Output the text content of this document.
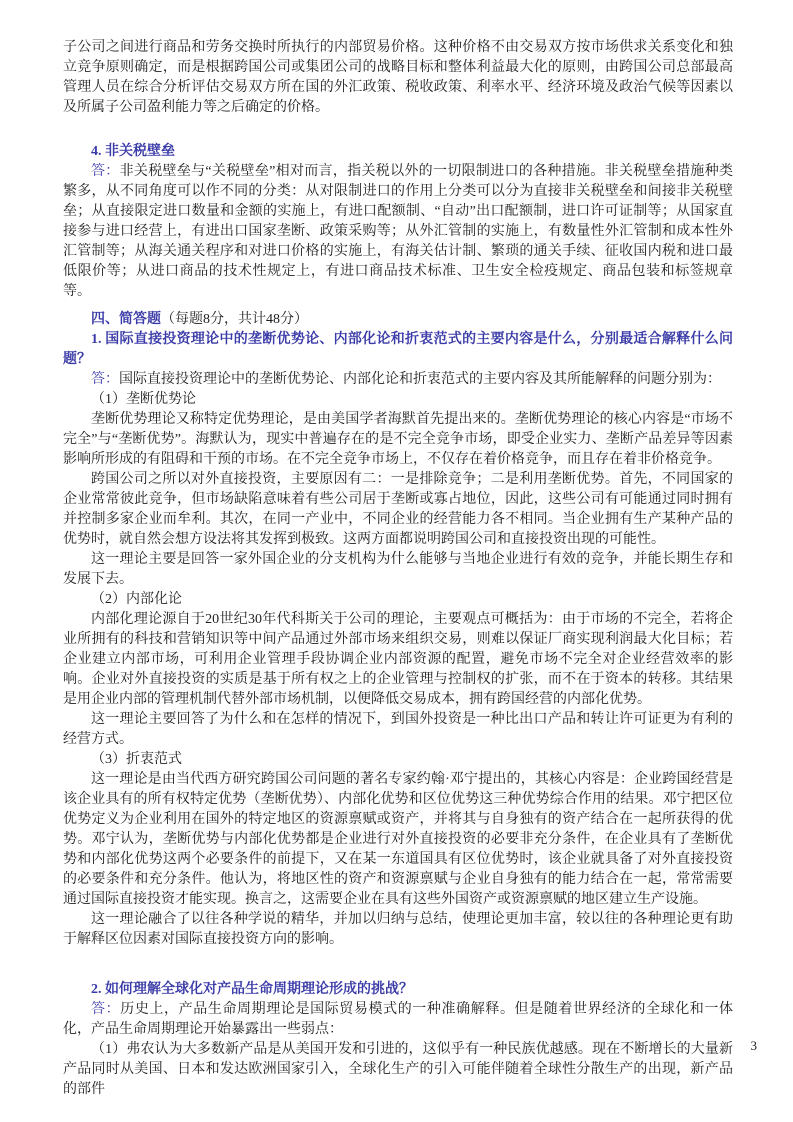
子公司之间进行商品和劳务交换时所执行的内部贸易价格。这种价格不由交易双方按市场供求关系变化和独立竞争原则确定，而是根据跨国公司或集团公司的战略目标和整体利益最大化的原则，由跨国公司总部最高管理人员在综合分析评估交易双方所在国的外汇政策、税收政策、利率水平、经济环境及政治气候等因素以及所属子公司盈利能力等之后确定的价格。

4. 非关税壁垒

答：非关税壁垒与“关税壁垒”相对而言，指关税以外的一切限制进口的各种措施。非关税壁垒措施种类繁多，从不同角度可以作不同的分类：从对限制进口的作用上分类可以分为直接非关税壁垒和间接非关税壁垒；从直接限定进口数量和金额的实施上，有进口配额制、“自动”出口配额制，进口许可证制等；从国家直接参与进口经营上，有进出口国家垄断、政策采购等；从外汇管制的实施上，有数量性外汇管制和成本性外汇管制等；从海关通关程序和对进口价格的实施上，有海关估计制、繁琐的通关手续、征收国内税和进口最低限价等；从进口商品的技术性规定上，有进口商品技术标准、卫生安全检疫规定、商品包装和标签规章等。

四、简答题（每题8分，共计48分）

1. 国际直接投资理论中的垄断优势论、内部化论和折衷范式的主要内容是什么，分别最适合解释什么问题？

答：国际直接投资理论中的垄断优势论、内部化论和折衷范式的主要内容及其所能解释的问题分别为：

（1）垄断优势论

垄断优势理论又称特定优势理论，是由美国学者海默首先提出来的。垄断优势理论的核心内容是“市场不完全”与“垄断优势”。海默认为，现实中普遍存在的是不完全竞争市场，即受企业实力、垄断产品差异等因素影响所形成的有阻碍和干预的市场。在不完全竞争市场上，不仅存在着价格竞争，而且存在着非价格竞争。

跨国公司之所以对外直接投资，主要原因有二：一是排除竞争；二是利用垄断优势。首先，不同国家的企业常常彼此竞争，但市场缺陷意味着有些公司居于垄断或寡占地位，因此，这些公司有可能通过同时拥有并控制多家企业而牟利。其次，在同一产业中，不同企业的经营能力各不相同。当企业拥有生产某种产品的优势时，就自然会想方设法将其发挥到极致。这两方面都说明跨国公司和直接投资出现的可能性。

这一理论主要是回答一家外国企业的分支机构为什么能够与当地企业进行有效的竞争，并能长期生存和发展下去。

（2）内部化论

内部化理论源自于20世纪30年代科斯关于公司的理论，主要观点可概括为：由于市场的不完全，若将企业所拥有的科技和营销知识等中间产品通过外部市场来组织交易，则难以保证厂商实现利润最大化目标；若企业建立内部市场，可利用企业管理手段协调企业内部资源的配置，避免市场不完全对企业经营效率的影响。企业对外直接投资的实质是基于所有权之上的企业管理与控制权的扩张，而不在于资本的转移。其结果是用企业内部的管理机制代替外部市场机制，以便降低交易成本，拥有跨国经营的内部化优势。

这一理论主要回答了为什么和在怎样的情况下，到国外投资是一种比出口产品和转让许可证更为有利的经营方式。

（3）折衷范式

这一理论是由当代西方研究跨国公司问题的著名专家约翰·邓宁提出的，其核心内容是：企业跨国经营是该企业具有的所有权特定优势（垄断优势）、内部化优势和区位优势这三种优势综合作用的结果。邓宁把区位优势定义为企业利用在国外的特定地区的资源禀赋或资产，并将其与自身独有的资产结合在一起所获得的优势。邓宁认为，垄断优势与内部化优势都是企业进行对外直接投资的必要非充分条件，在企业具有了垄断优势和内部化优势这两个必要条件的前提下，又在某一东道国具有区位优势时，该企业就具备了对外直接投资的必要条件和充分条件。他认为，将地区性的资产和资源禀赋与企业自身独有的能力结合在一起，常常需要通过国际直接投资才能实现。换言之，这需要企业在具有这些外国资产或资源禀赋的地区建立生产设施。

这一理论融合了以往各种学说的精华，并加以归纳与总结，使理论更加丰富，较以往的各种理论更有助于解释区位因素对国际直接投资方向的影响。

2. 如何理解全球化对产品生命周期理论形成的挑战？

答：历史上，产品生命周期理论是国际贸易模式的一种准确解释。但是随着世界经济的全球化和一体化，产品生命周期理论开始暴露出一些弱点：

（1）弗农认为大多数新产品是从美国开发和引进的，这似乎有一种民族优越感。现在不断增长的大量新产品同时从美国、日本和发达欧洲国家引入，全球化生产的引入可能伴随着全球性分散生产的出现，新产品的部件

3
